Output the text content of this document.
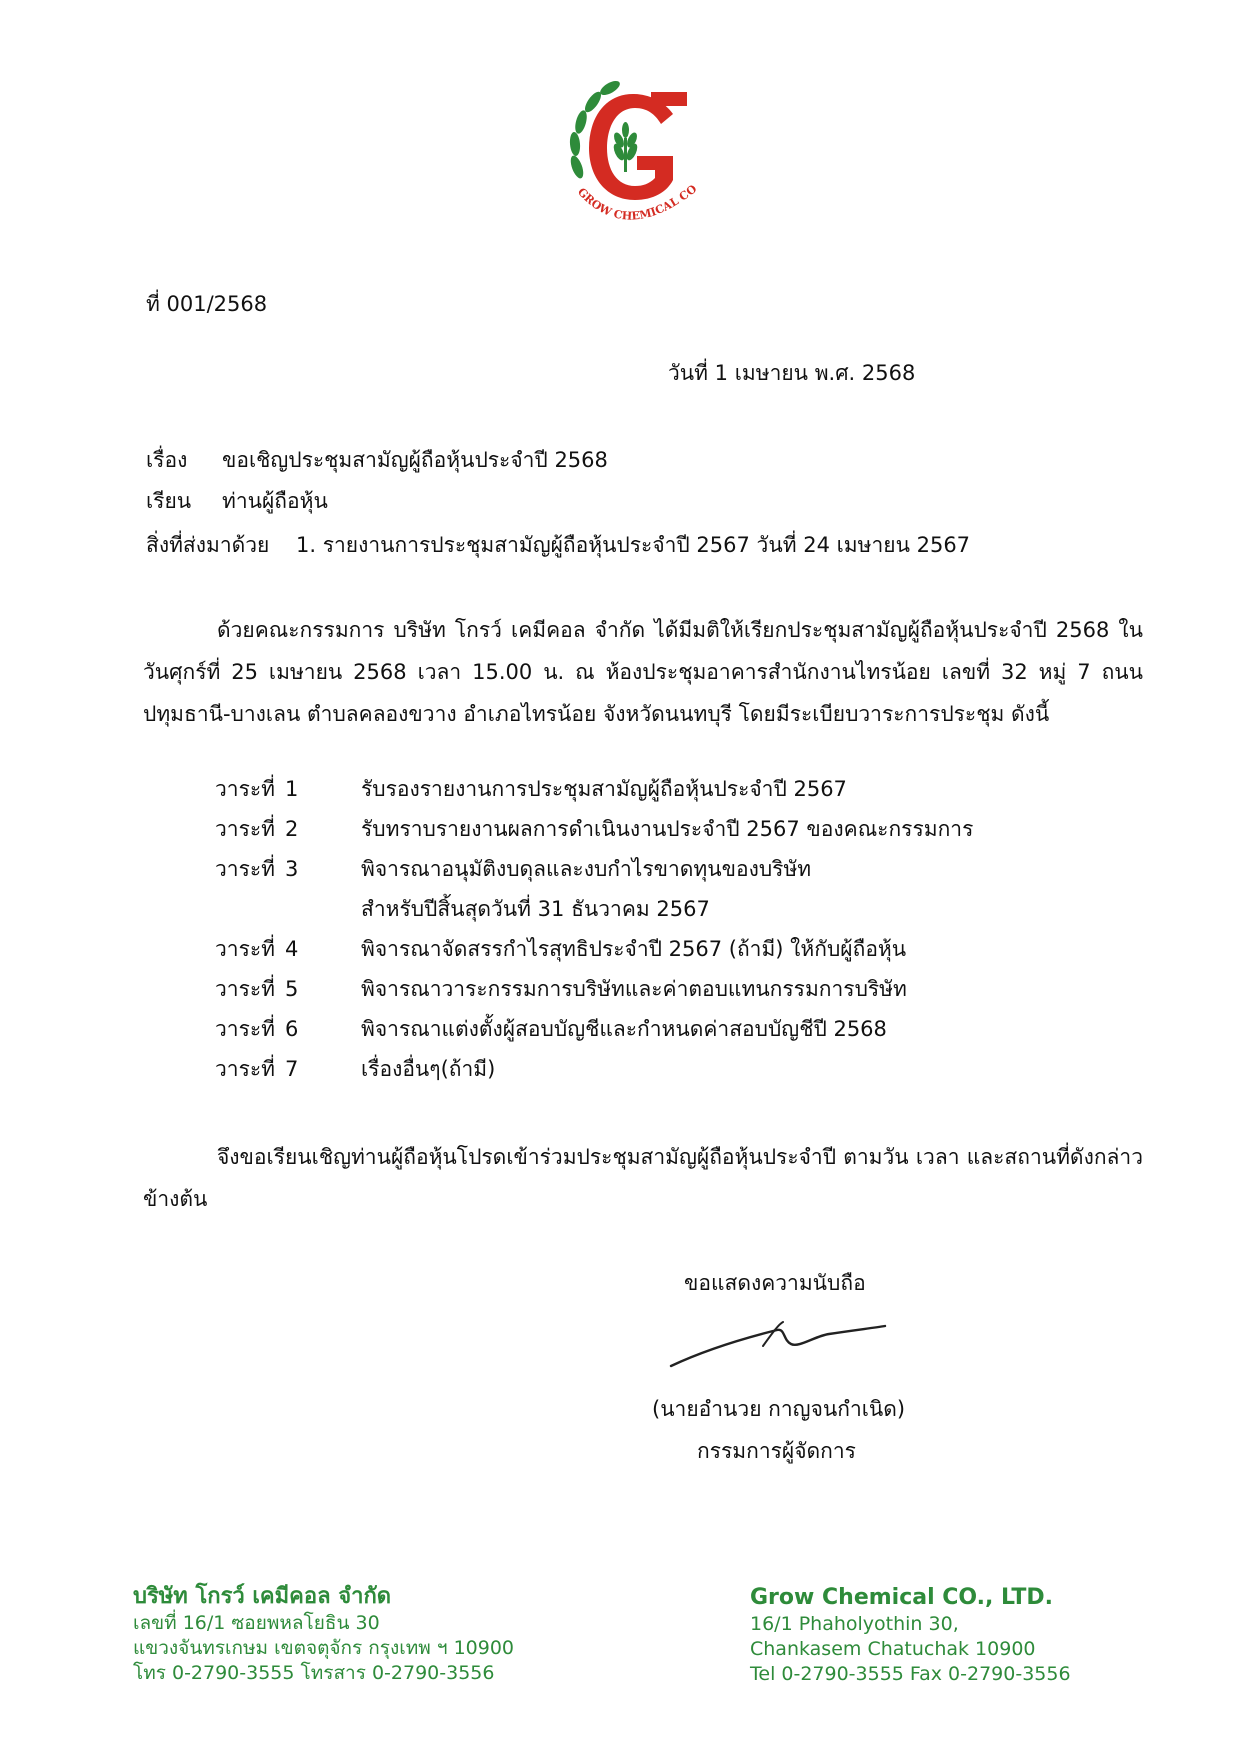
GROW CHEMICAL CO
ที่ 001/2568
วันที่ 1 เมษายน พ.ศ. 2568
เรื่อง ขอเชิญประชุมสามัญผู้ถือหุ้นประจำปี 2568
เรียน ท่านผู้ถือหุ้น
สิ่งที่ส่งมาด้วย 1. รายงานการประชุมสามัญผู้ถือหุ้นประจำปี 2567 วันที่ 24 เมษายน 2567
ด้วยคณะกรรมการ บริษัท โกรว์ เคมีคอล จำกัด ได้มีมติให้เรียกประชุมสามัญผู้ถือหุ้นประจำปี 2568 ในวันศุกร์ที่ 25 เมษายน 2568 เวลา 15.00 น. ณ ห้องประชุมอาคารสำนักงานไทรน้อย เลขที่ 32 หมู่ 7 ถนนปทุมธานี-บางเลน ตำบลคลองขวาง อำเภอไทรน้อย จังหวัดนนทบุรี โดยมีระเบียบวาระการประชุม ดังนี้
วาระที่ 1	รับรองรายงานการประชุมสามัญผู้ถือหุ้นประจำปี 2567
วาระที่ 2	รับทราบรายงานผลการดำเนินงานประจำปี 2567 ของคณะกรรมการ
วาระที่ 3	พิจารณาอนุมัติงบดุลและงบกำไรขาดทุนของบริษัท
สำหรับปีสิ้นสุดวันที่ 31 ธันวาคม 2567
วาระที่ 4	พิจารณาจัดสรรกำไรสุทธิประจำปี 2567 (ถ้ามี) ให้กับผู้ถือหุ้น
วาระที่ 5	พิจารณาวาระกรรมการบริษัทและค่าตอบแทนกรรมการบริษัท
วาระที่ 6	พิจารณาแต่งตั้งผู้สอบบัญชีและกำหนดค่าสอบบัญชีปี 2568
วาระที่ 7	เรื่องอื่นๆ(ถ้ามี)
จึงขอเรียนเชิญท่านผู้ถือหุ้นโปรดเข้าร่วมประชุมสามัญผู้ถือหุ้นประจำปี ตามวัน เวลา และสถานที่ดังกล่าวข้างต้น
ขอแสดงความนับถือ
(นายอำนวย กาญจนกำเนิด)
กรรมการผู้จัดการ
บริษัท โกรว์ เคมีคอล จำกัด
เลขที่ 16/1 ซอยพหลโยธิน 30
แขวงจันทรเกษม เขตจตุจักร กรุงเทพ ฯ 10900
โทร 0-2790-3555 โทรสาร 0-2790-3556
Grow Chemical CO., LTD.
16/1 Phaholyothin 30,
Chankasem Chatuchak 10900
Tel 0-2790-3555 Fax 0-2790-3556
